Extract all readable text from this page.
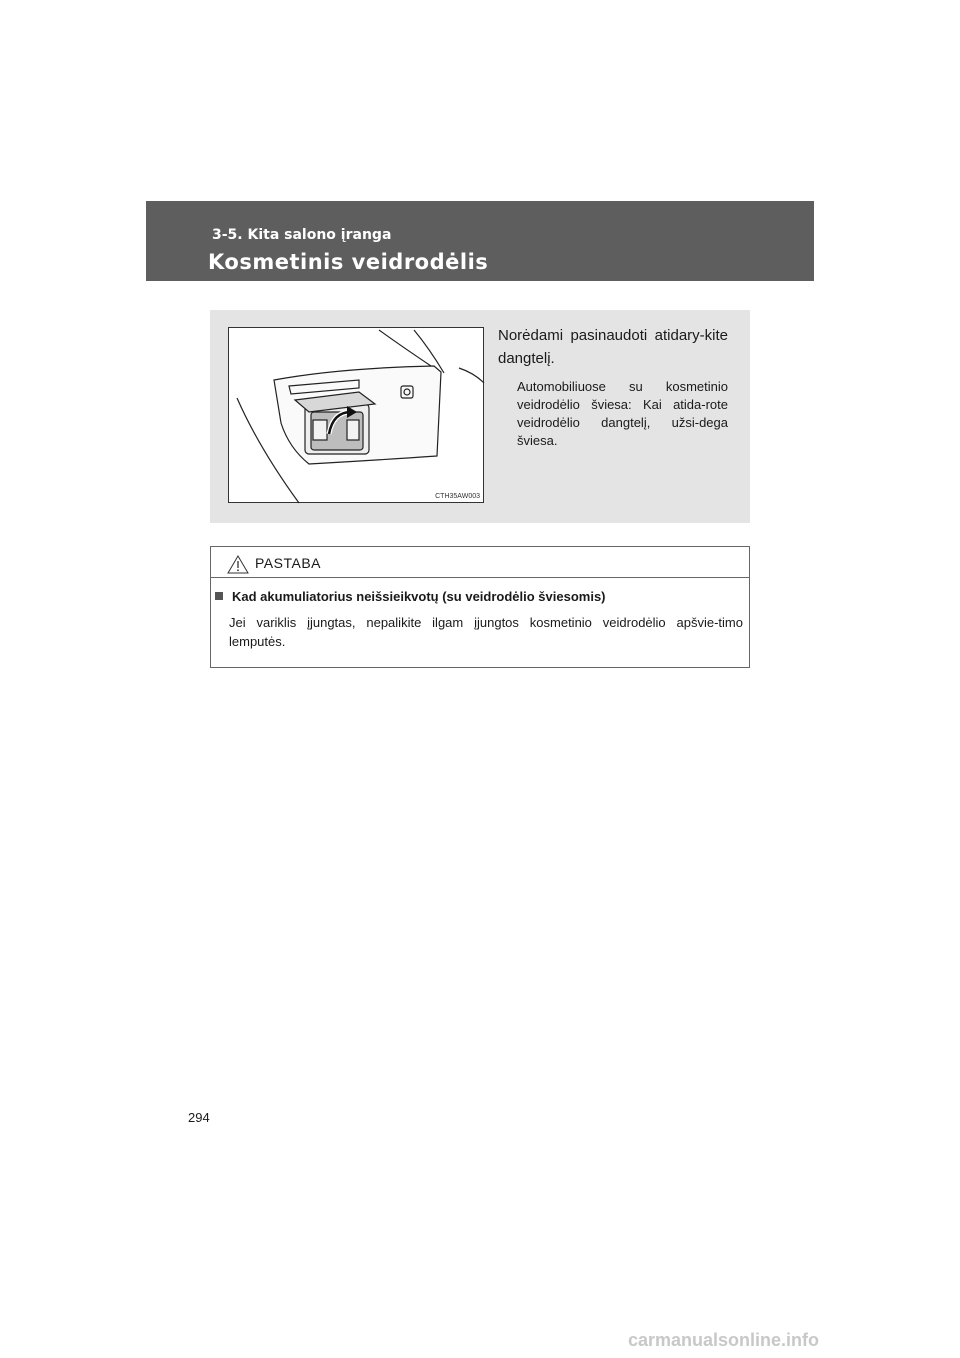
3-5. Kita salono įranga
Kosmetinis veidrodėlis
CTH35AW003
Norėdami pasinaudoti atidary-kite dangtelį.
Automobiliuose su kosmetinio veidrodėlio šviesa: Kai atida-rote veidrodėlio dangtelį, užsi-dega šviesa.
PASTABA
Kad akumuliatorius neišsieikvotų (su veidrodėlio šviesomis)
Jei variklis įjungtas, nepalikite ilgam įjungtos kosmetinio veidrodėlio apšvie-timo lemputės.
294
carmanualsonline.info
